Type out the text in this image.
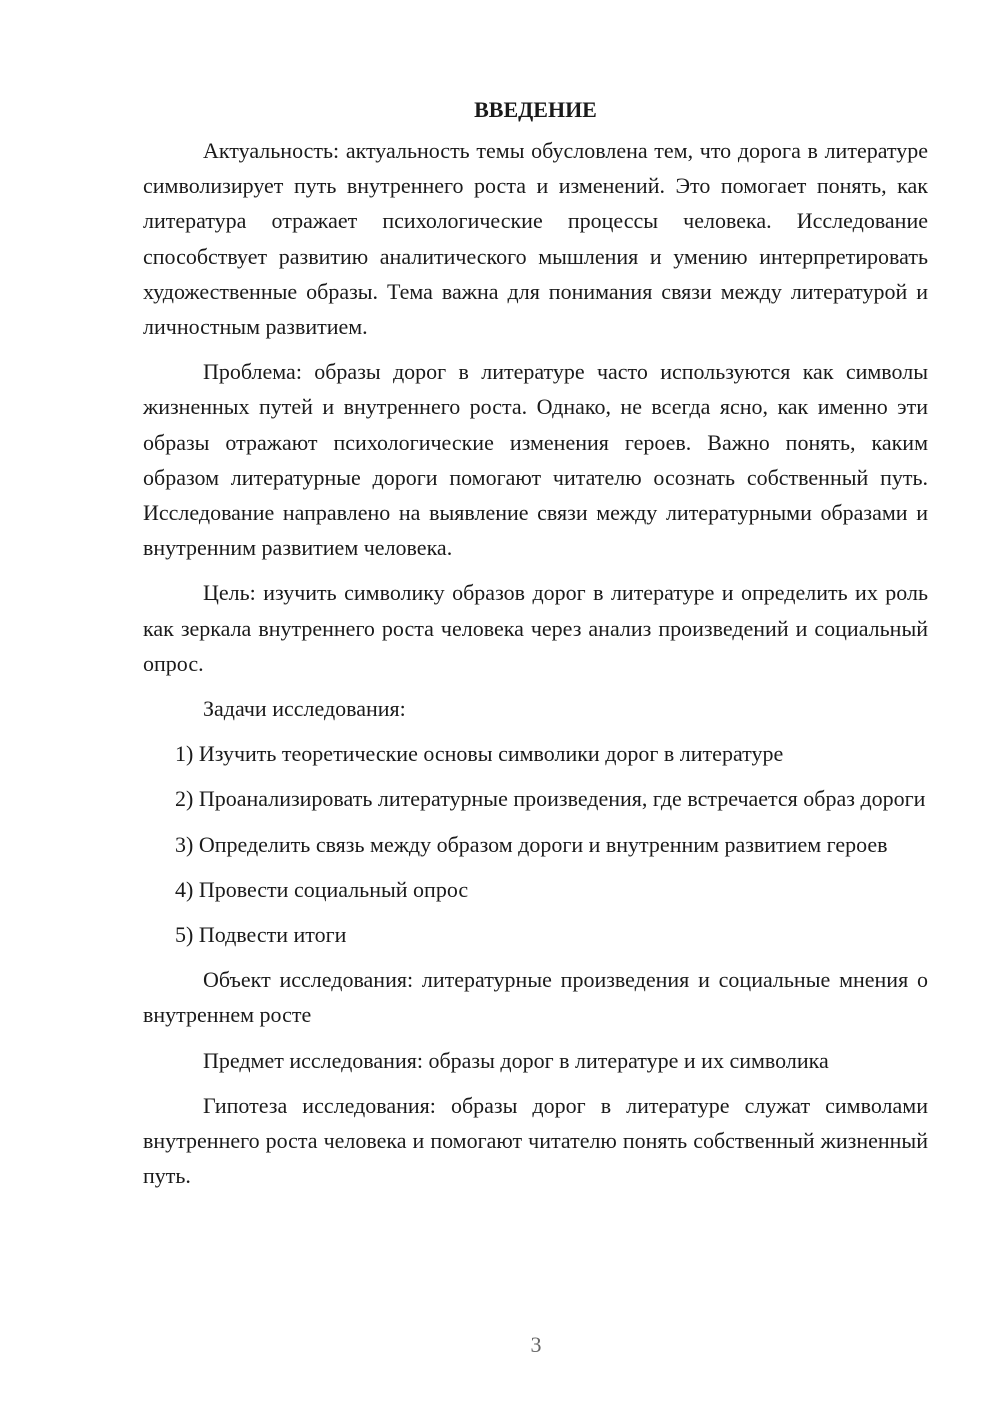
ВВЕДЕНИЕ

Актуальность: актуальность темы обусловлена тем, что дорога в литературе символизирует путь внутреннего роста и изменений. Это помогает понять, как литература отражает психологические процессы человека. Исследование способствует развитию аналитического мышления и умению интерпретировать художественные образы. Тема важна для понимания связи между литературой и личностным развитием.

Проблема: образы дорог в литературе часто используются как символы жизненных путей и внутреннего роста. Однако, не всегда ясно, как именно эти образы отражают психологические изменения героев. Важно понять, каким образом литературные дороги помогают читателю осознать собственный путь. Исследование направлено на выявление связи между литературными образами и внутренним развитием человека.

Цель: изучить символику образов дорог в литературе и определить их роль как зеркала внутреннего роста человека через анализ произведений и социальный опрос.

Задачи исследования:

1) Изучить теоретические основы символики дорог в литературе

2) Проанализировать литературные произведения, где встречается образ дороги

3) Определить связь между образом дороги и внутренним развитием героев

4) Провести социальный опрос

5) Подвести итоги

Объект исследования: литературные произведения и социальные мнения о внутреннем росте

Предмет исследования: образы дорог в литературе и их символика

Гипотеза исследования: образы дорог в литературе служат символами внутреннего роста человека и помогают читателю понять собственный жизненный путь.

3
